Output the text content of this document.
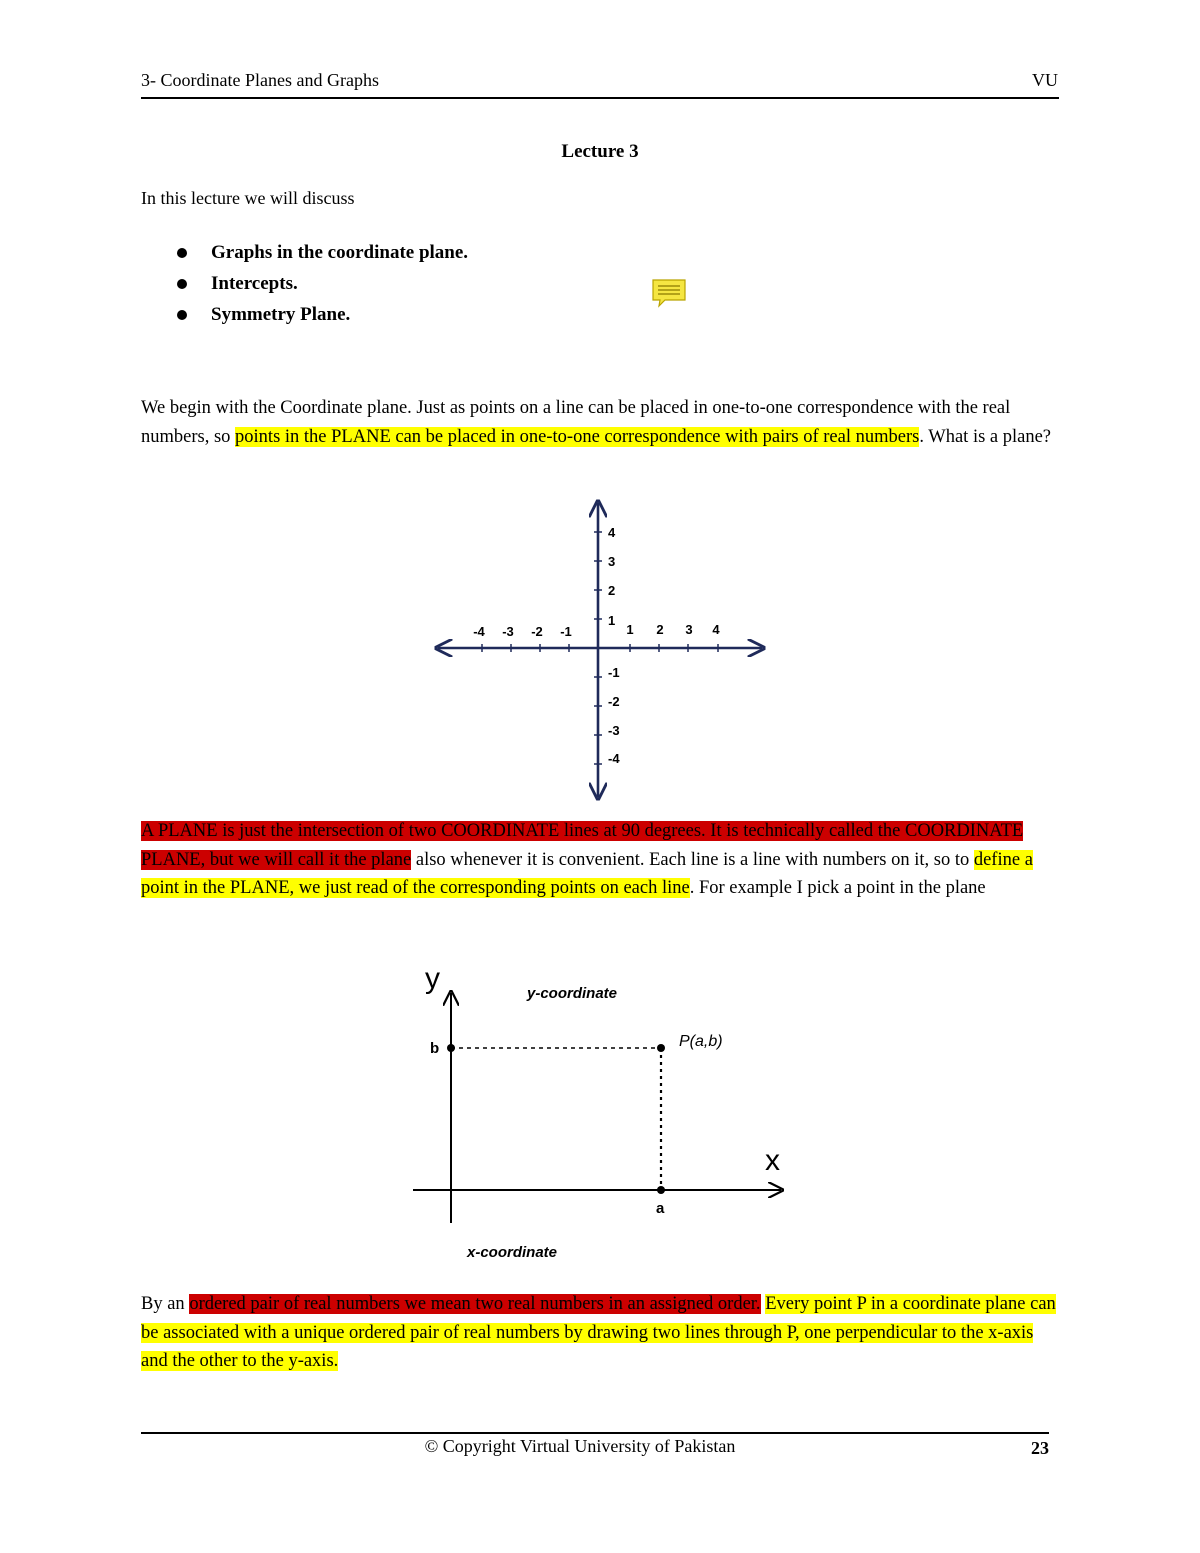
3- Coordinate Planes and Graphs	VU
Lecture 3
In this lecture we will discuss
Graphs in the coordinate plane.
Intercepts.
Symmetry Plane.
We begin with the Coordinate plane. Just as points on a line can be placed in one-to-one correspondence with the real numbers, so points in the PLANE can be placed in one-to-one correspondence with pairs of real numbers. What is a plane?
-4 -3 -2 -1	1 2 3 4
4
3
2
1
-1
-2
-3
-4
A PLANE is just the intersection of two COORDINATE lines at 90 degrees. It is technically called the COORDINATE PLANE, but we will call it the plane also whenever it is convenient. Each line is a line with numbers on it, so to define a point in the PLANE, we just read of the corresponding points on each line. For example I pick a point in the plane
y
x
y-coordinate
x-coordinate
P(a,b)
b
a
By an ordered pair of real numbers we mean two real numbers in an assigned order. Every point P in a coordinate plane can be associated with a unique ordered pair of real numbers by drawing two lines through P, one perpendicular to the x-axis and the other to the y-axis.
© Copyright Virtual University of Pakistan	23
